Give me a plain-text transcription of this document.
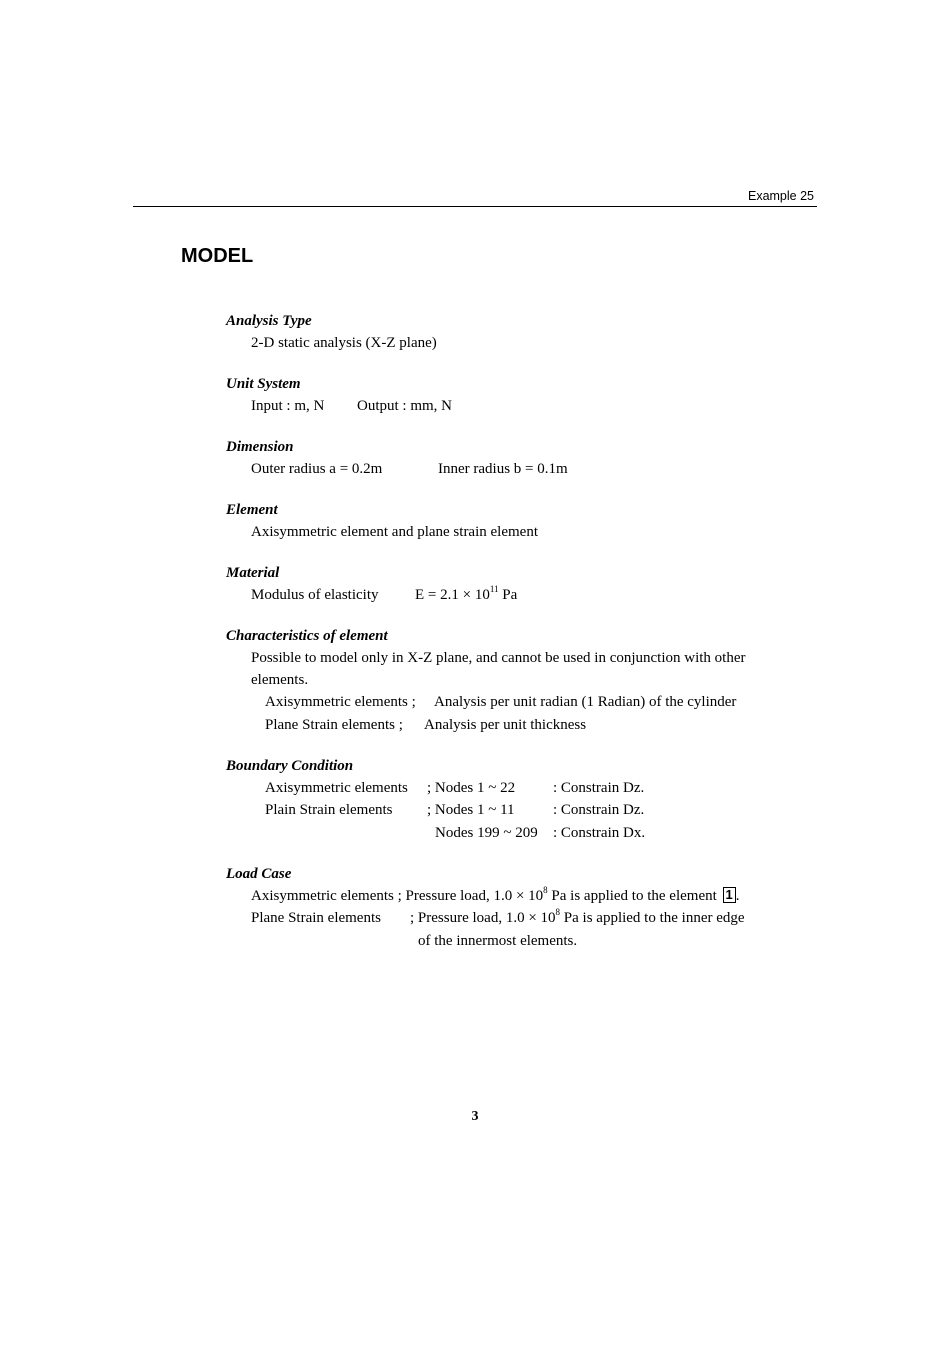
Example 25
MODEL
Analysis Type
2-D static analysis (X-Z plane)
Unit System
Input : m, N Output : mm, N
Dimension
Outer radius a = 0.2m	Inner radius b = 0.1m
Element
Axisymmetric element and plane strain element
Material
Modulus of elasticity $E = 2.1 \times 10^{11}$ Pa
Characteristics of element
Possible to model only in X-Z plane, and cannot be used in conjunction with other
elements.
Axisymmetric elements ; Analysis per unit radian (1 Radian) of the cylinder
Plane Strain elements ; Analysis per unit thickness
Boundary Condition
Axisymmetric elements ; Nodes 1 ~ 22	: Constrain Dz.
Plain Strain elements ; Nodes 1 ~ 11	: Constrain Dz.
Nodes 199 ~ 209 : Constrain Dx.
Load Case
Axisymmetric elements ; Pressure load, $1.0 \times 10^8$ Pa is applied to the element 1 .
Plane Strain elements ; Pressure load, $1.0 \times 10^8$ Pa is applied to the inner edge
of the innermost elements.
3
